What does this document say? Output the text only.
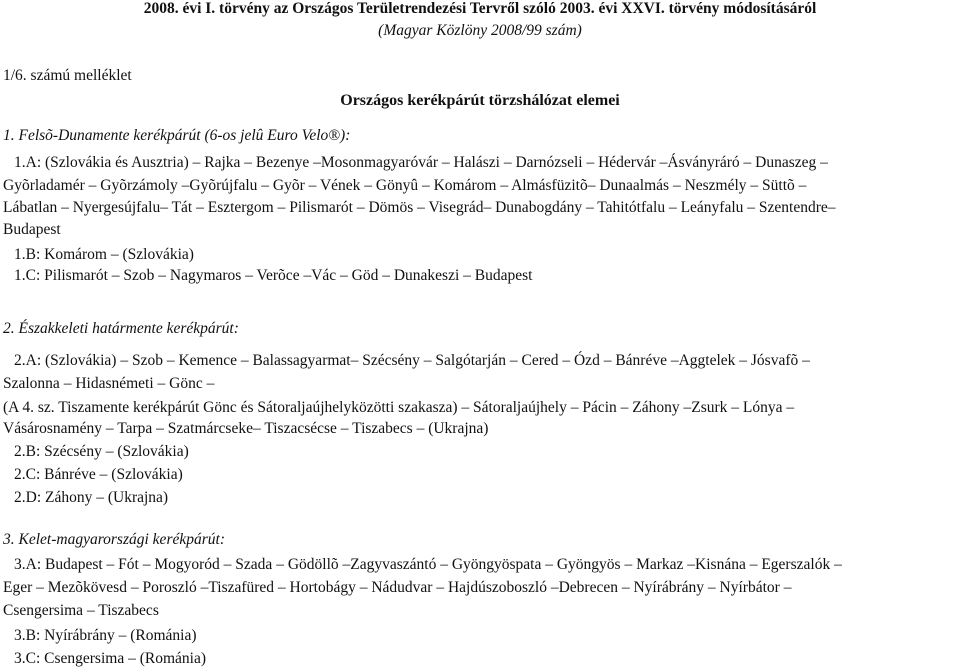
2008. évi I. törvény az Országos Területrendezési Tervről szóló 2003. évi XXVI. törvény módosításáról
(Magyar Közlöny 2008/99 szám)
1/6. számú melléklet
Országos kerékpárút törzshálózat elemei
1. Felsõ-Dunamente kerékpárút (6-os jelû Euro Velo®):
1.A: (Szlovákia és Ausztria) – Rajka – Bezenye –Mosonmagyaróvár – Halászi – Darnózseli – Hédervár –Ásványráró – Dunaszeg –
Gyõrladamér – Gyõrzámoly –Gyõrújfalu – Gyõr – Vének – Gönyû – Komárom – Almásfüzitõ– Dunaalmás – Neszmély – Süttõ –
Lábatlan – Nyergesújfalu– Tát – Esztergom – Pilismarót – Dömös – Visegrád– Dunabogdány – Tahitótfalu – Leányfalu – Szentendre–
Budapest
1.B: Komárom – (Szlovákia)
1.C: Pilismarót – Szob – Nagymaros – Verõce –Vác – Göd – Dunakeszi – Budapest
2. Északkeleti határmente kerékpárút:
2.A: (Szlovákia) – Szob – Kemence – Balassagyarmat– Szécsény – Salgótarján – Cered – Ózd – Bánréve –Aggtelek – Jósvafõ –
Szalonna – Hidasnémeti – Gönc –
(A 4. sz. Tiszamente kerékpárút Gönc és Sátoraljaújhelyközötti szakasza) – Sátoraljaújhely – Pácin – Záhony –Zsurk – Lónya –
Vásárosnamény – Tarpa – Szatmárcseke– Tiszacsécse – Tiszabecs – (Ukrajna)
2.B: Szécsény – (Szlovákia)
2.C: Bánréve – (Szlovákia)
2.D: Záhony – (Ukrajna)
3. Kelet-magyarországi kerékpárút:
3.A: Budapest – Fót – Mogyoród – Szada – Gödöllõ –Zagyvaszántó – Gyöngyöspata – Gyöngyös – Markaz –Kisnána – Egerszalók –
Eger – Mezõkövesd – Poroszló –Tiszafüred – Hortobágy – Nádudvar – Hajdúszoboszló –Debrecen – Nyírábrány – Nyírbátor –
Csengersima – Tiszabecs
3.B: Nyírábrány – (Románia)
3.C: Csengersima – (Románia)
